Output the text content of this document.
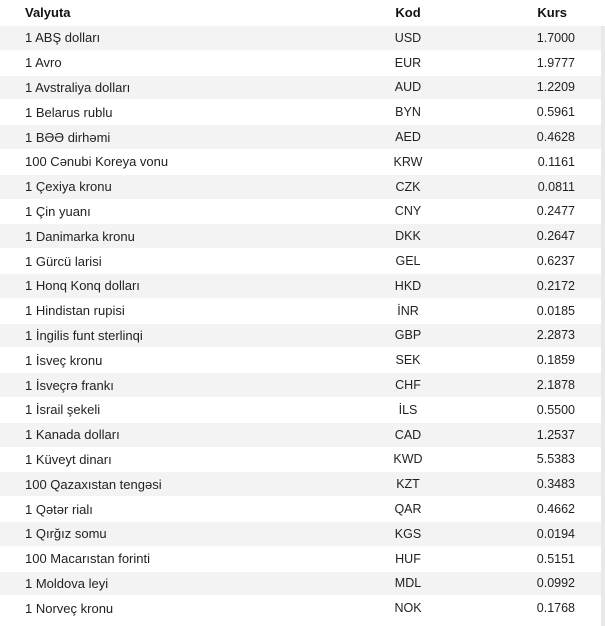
Valyuta	Kod	Kurs
1 ABŞ dolları	USD	1.7000
1 Avro	EUR	1.9777
1 Avstraliya dolları	AUD	1.2209
1 Belarus rublu	BYN	0.5961
1 BƏƏ dirhəmi	AED	0.4628
100 Cənubi Koreya vonu	KRW	0.1161
1 Çexiya kronu	CZK	0.0811
1 Çin yuanı	CNY	0.2477
1 Danimarka kronu	DKK	0.2647
1 Gürcü larisi	GEL	0.6237
1 Honq Konq dolları	HKD	0.2172
1 Hindistan rupisi	İNR	0.0185
1 İngilis funt sterlinqi	GBP	2.2873
1 İsveç kronu	SEK	0.1859
1 İsveçrə frankı	CHF	2.1878
1 İsrail şekeli	İLS	0.5500
1 Kanada dolları	CAD	1.2537
1 Küveyt dinarı	KWD	5.5383
100 Qazaxıstan tengəsi	KZT	0.3483
1 Qətər rialı	QAR	0.4662
1 Qırğız somu	KGS	0.0194
100 Macarıstan forinti	HUF	0.5151
1 Moldova leyi	MDL	0.0992
1 Norveç kronu	NOK	0.1768
